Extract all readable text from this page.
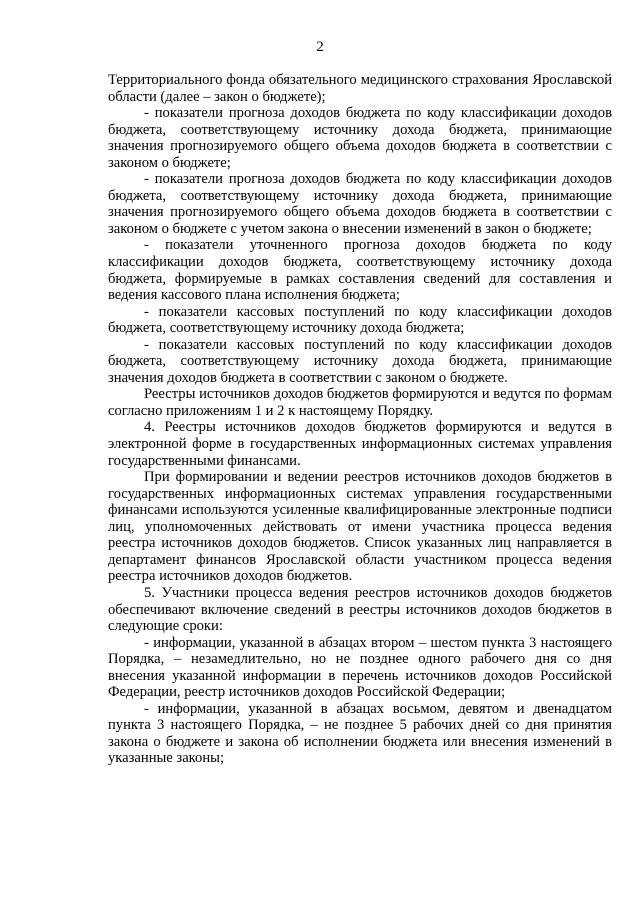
2

Территориального фонда обязательного медицинского страхования Ярославской области (далее – закон о бюджете);

- показатели прогноза доходов бюджета по коду классификации доходов бюджета, соответствующему источнику дохода бюджета, принимающие значения прогнозируемого общего объема доходов бюджета в соответствии с законом о бюджете;

- показатели прогноза доходов бюджета по коду классификации доходов бюджета, соответствующему источнику дохода бюджета, принимающие значения прогнозируемого общего объема доходов бюджета в соответствии с законом о бюджете с учетом закона о внесении изменений в закон о бюджете;

- показатели уточненного прогноза доходов бюджета по коду классификации доходов бюджета, соответствующему источнику дохода бюджета, формируемые в рамках составления сведений для составления и ведения кассового плана исполнения бюджета;

- показатели кассовых поступлений по коду классификации доходов бюджета, соответствующему источнику дохода бюджета;

- показатели кассовых поступлений по коду классификации доходов бюджета, соответствующему источнику дохода бюджета, принимающие значения доходов бюджета в соответствии с законом о бюджете.

Реестры источников доходов бюджетов формируются и ведутся по формам согласно приложениям 1 и 2 к настоящему Порядку.

4. Реестры источников доходов бюджетов формируются и ведутся в электронной форме в государственных информационных системах управления государственными финансами.

При формировании и ведении реестров источников доходов бюджетов в государственных информационных системах управления государственными финансами используются усиленные квалифицированные электронные подписи лиц, уполномоченных действовать от имени участника процесса ведения реестра источников доходов бюджетов. Список указанных лиц направляется в департамент финансов Ярославской области участником процесса ведения реестра источников доходов бюджетов.

5. Участники процесса ведения реестров источников доходов бюджетов обеспечивают включение сведений в реестры источников доходов бюджетов в следующие сроки:

- информации, указанной в абзацах втором – шестом пункта 3 настоящего Порядка, – незамедлительно, но не позднее одного рабочего дня со дня внесения указанной информации в перечень источников доходов Российской Федерации, реестр источников доходов Российской Федерации;

- информации, указанной в абзацах восьмом, девятом и двенадцатом пункта 3 настоящего Порядка, – не позднее 5 рабочих дней со дня принятия закона о бюджете и закона об исполнении бюджета или внесения изменений в указанные законы;
